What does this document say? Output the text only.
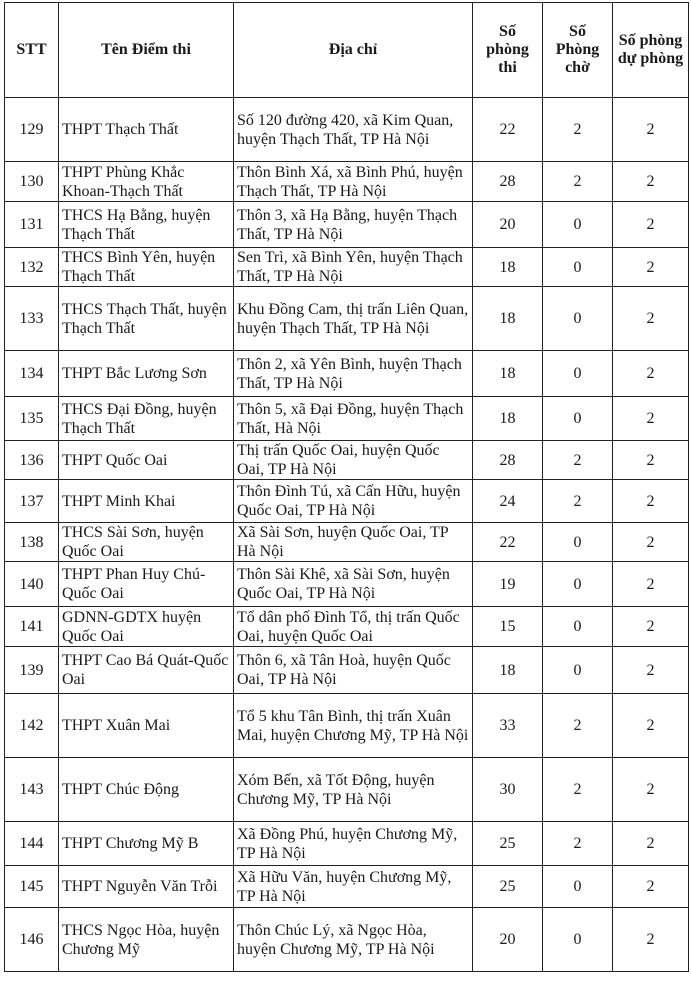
STT	Tên Điểm thi	Địa chỉ	Số phòng thi	Số Phòng chờ	Số phòng dự phòng
129	THPT Thạch Thất	Số 120 đường 420, xã Kim Quan, huyện Thạch Thất, TP Hà Nội	22	2	2
130	THPT Phùng Khắc Khoan-Thạch Thất	Thôn Bình Xá, xã Bình Phú, huyện Thạch Thất, TP Hà Nội	28	2	2
131	THCS Hạ Bằng, huyện Thạch Thất	Thôn 3, xã Hạ Bằng, huyện Thạch Thất, TP Hà Nội	20	0	2
132	THCS Bình Yên, huyện Thạch Thất	Sen Trì, xã Bình Yên, huyện Thạch Thất, TP Hà Nội	18	0	2
133	THCS Thạch Thất, huyện Thạch Thất	Khu Đồng Cam, thị trấn Liên Quan, huyện Thạch Thất, TP Hà Nội	18	0	2
134	THPT Bắc Lương Sơn	Thôn 2, xã Yên Bình, huyện Thạch Thất, TP Hà Nội	18	0	2
135	THCS Đại Đồng, huyện Thạch Thất	Thôn 5, xã Đại Đồng, huyện Thạch Thất, Hà Nội	18	0	2
136	THPT Quốc Oai	Thị trấn Quốc Oai, huyện Quốc Oai, TP Hà Nội	28	2	2
137	THPT Minh Khai	Thôn Đình Tú, xã Cấn Hữu, huyện Quốc Oai, TP Hà Nội	24	2	2
138	THCS Sài Sơn, huyện Quốc Oai	Xã Sài Sơn, huyện Quốc Oai, TP Hà Nội	22	0	2
140	THPT Phan Huy Chú-Quốc Oai	Thôn Sài Khê, xã Sài Sơn, huyện Quốc Oai, TP Hà Nội	19	0	2
141	GDNN-GDTX huyện Quốc Oai	Tổ dân phố Đình Tổ, thị trấn Quốc Oai, huyện Quốc Oai	15	0	2
139	THPT Cao Bá Quát-Quốc Oai	Thôn 6, xã Tân Hoà, huyện Quốc Oai, TP Hà Nội	18	0	2
142	THPT Xuân Mai	Tổ 5 khu Tân Bình, thị trấn Xuân Mai, huyện Chương Mỹ, TP Hà Nội	33	2	2
143	THPT Chúc Động	Xóm Bến, xã Tốt Động, huyện Chương Mỹ, TP Hà Nội	30	2	2
144	THPT Chương Mỹ B	Xã Đồng Phú, huyện Chương Mỹ, TP Hà Nội	25	2	2
145	THPT Nguyễn Văn Trỗi	Xã Hữu Văn, huyện Chương Mỹ, TP Hà Nội	25	0	2
146	THCS Ngọc Hòa, huyện Chương Mỹ	Thôn Chúc Lý, xã Ngọc Hòa, huyện Chương Mỹ, TP Hà Nội	20	0	2
